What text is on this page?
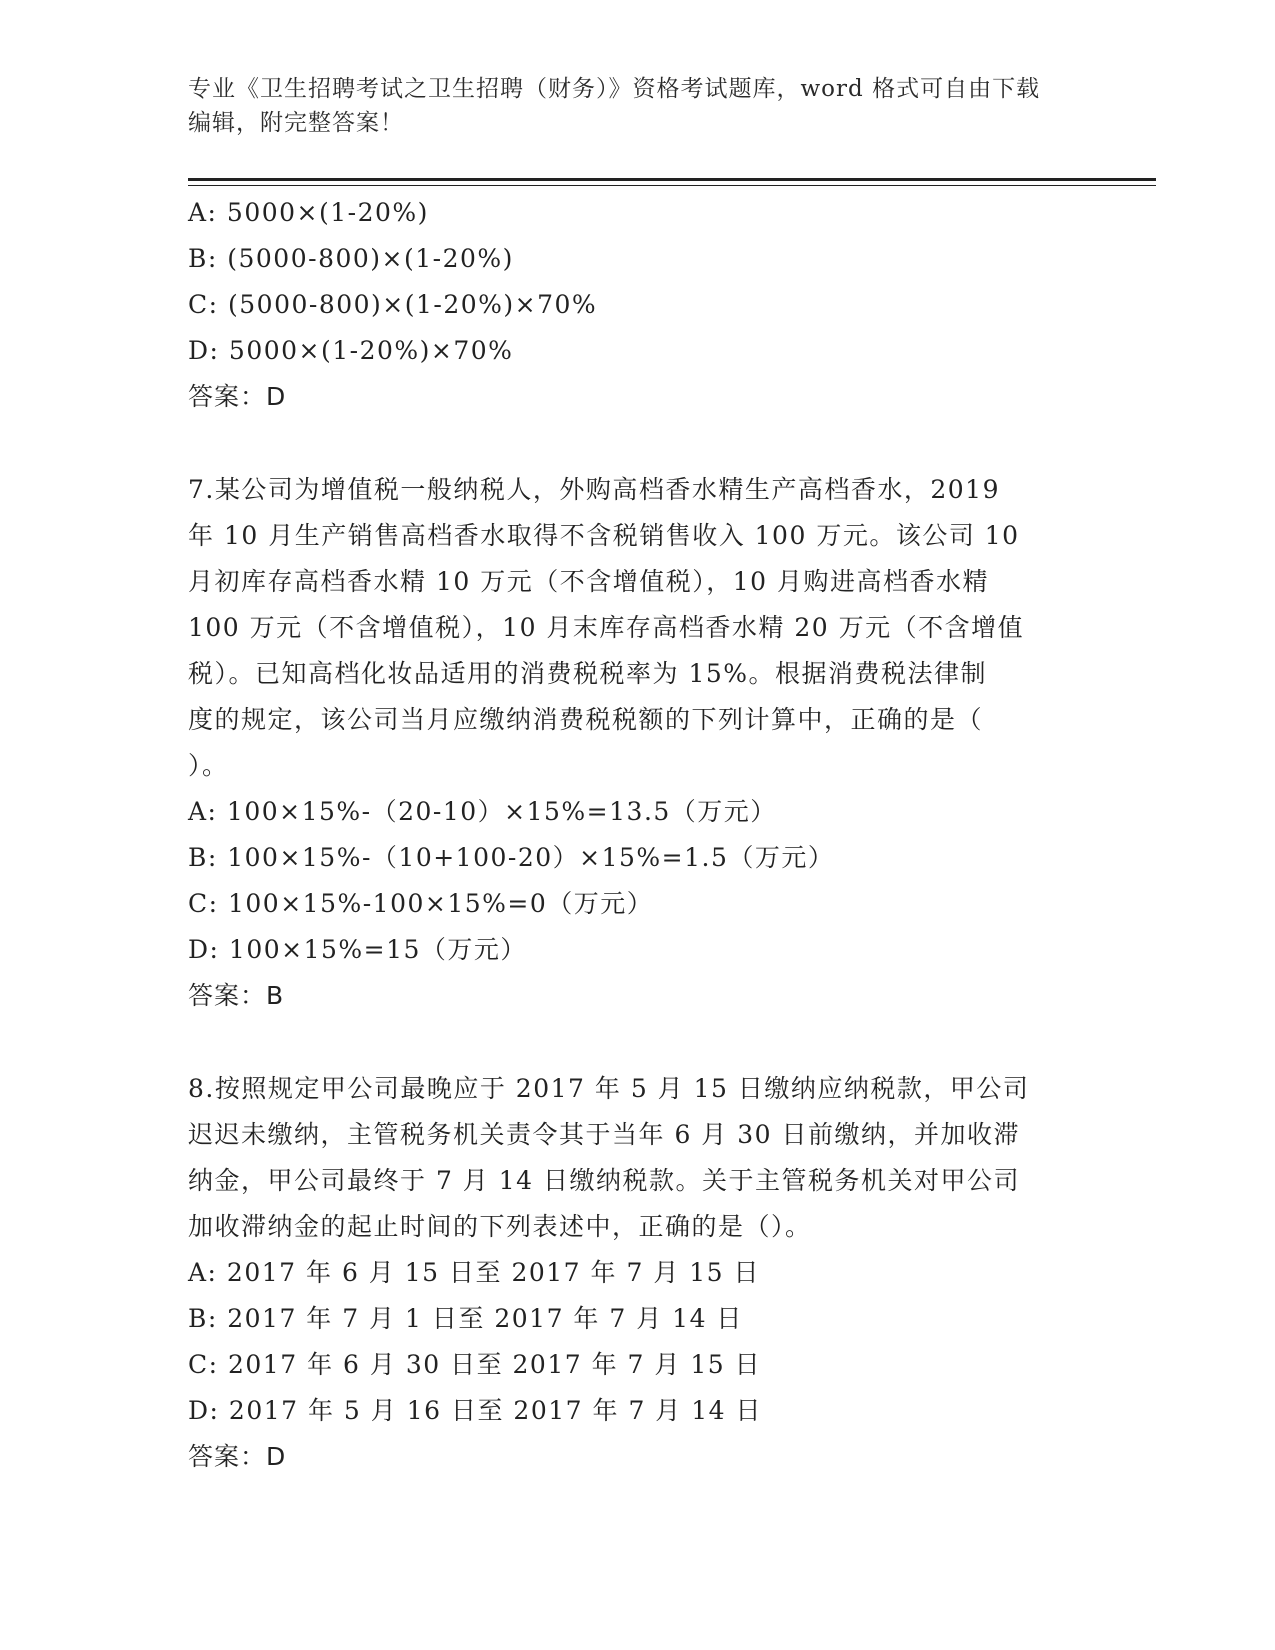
专业《卫生招聘考试之卫生招聘（财务）》资格考试题库，word 格式可自由下载
编辑，附完整答案！
A: 5000×(1-20%)
B: (5000-800)×(1-20%)
C: (5000-800)×(1-20%)×70%
D: 5000×(1-20%)×70%
答案：D
7.某公司为增值税一般纳税人，外购高档香水精生产高档香水，2019
年 10 月生产销售高档香水取得不含税销售收入 100 万元。该公司 10
月初库存高档香水精 10 万元（不含增值税），10 月购进高档香水精
100 万元（不含增值税），10 月末库存高档香水精 20 万元（不含增值
税）。已知高档化妆品适用的消费税税率为 15%。根据消费税法律制
度的规定，该公司当月应缴纳消费税税额的下列计算中，正确的是（
）。
A: 100×15%-（20-10）×15%=13.5（万元）
B: 100×15%-（10+100-20）×15%=1.5（万元）
C: 100×15%-100×15%=0（万元）
D: 100×15%=15（万元）
答案：B
8.按照规定甲公司最晚应于 2017 年 5 月 15 日缴纳应纳税款，甲公司
迟迟未缴纳，主管税务机关责令其于当年 6 月 30 日前缴纳，并加收滞
纳金，甲公司最终于 7 月 14 日缴纳税款。关于主管税务机关对甲公司
加收滞纳金的起止时间的下列表述中，正确的是（）。
A: 2017 年 6 月 15 日至 2017 年 7 月 15 日
B: 2017 年 7 月 1 日至 2017 年 7 月 14 日
C: 2017 年 6 月 30 日至 2017 年 7 月 15 日
D: 2017 年 5 月 16 日至 2017 年 7 月 14 日
答案：D
